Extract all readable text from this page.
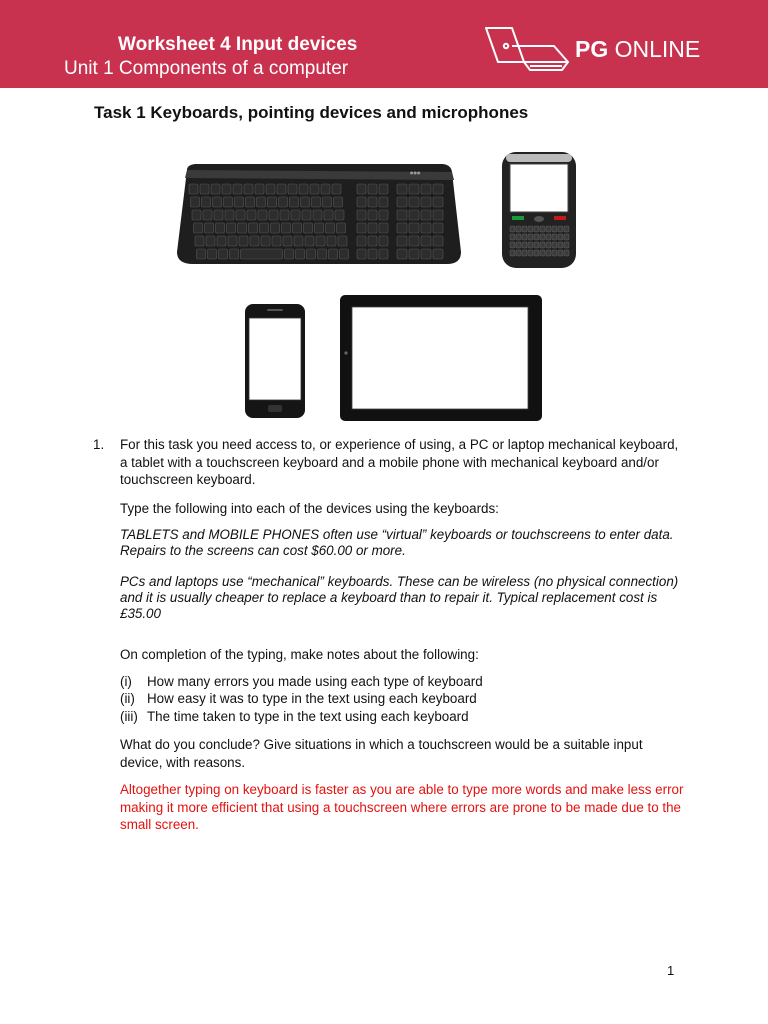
Worksheet 4 Input devices
Unit 1 Components of a computer
PG ONLINE
Task 1 Keyboards, pointing devices and microphones
●●●
1. For this task you need access to, or experience of using, a PC or laptop mechanical keyboard, a tablet with a touchscreen keyboard and a mobile phone with mechanical keyboard and/or touchscreen keyboard.

Type the following into each of the devices using the keyboards:

TABLETS and MOBILE PHONES often use “virtual” keyboards or touchscreens to enter data. Repairs to the screens can cost $60.00 or more.

PCs and laptops use “mechanical” keyboards. These can be wireless (no physical connection) and it is usually cheaper to replace a keyboard than to repair it. Typical replacement cost is £35.00

On completion of the typing, make notes about the following:

(i) How many errors you made using each type of keyboard

(ii) How easy it was to type in the text using each keyboard

(iii) The time taken to type in the text using each keyboard

What do you conclude? Give situations in which a touchscreen would be a suitable input device, with reasons.

Altogether typing on keyboard is faster as you are able to type more words and make less error making it more efficient that using a touchscreen where errors are prone to be made due to the small screen.

1
